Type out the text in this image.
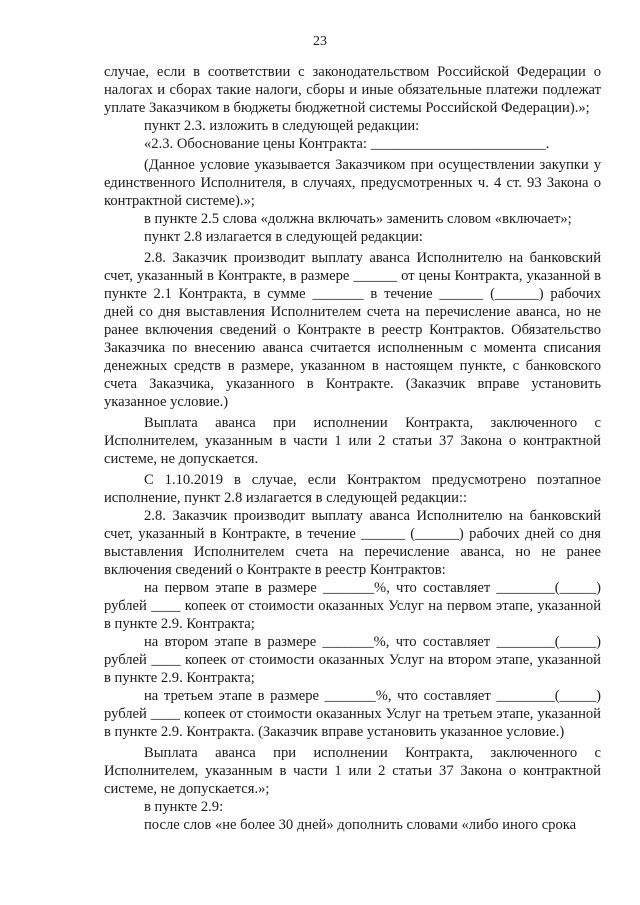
23

случае, если в соответствии с законодательством Российской Федерации о налогах и сборах такие налоги, сборы и иные обязательные платежи подлежат уплате Заказчиком в бюджеты бюджетной системы Российской Федерации).»;

пункт 2.3. изложить в следующей редакции:

«2.3. Обоснование цены Контракта: ________________________.

(Данное условие указывается Заказчиком при осуществлении закупки у единственного Исполнителя, в случаях, предусмотренных ч. 4 ст. 93 Закона о контрактной системе).»;

в пункте 2.5 слова «должна включать» заменить словом «включает»;

пункт 2.8 излагается в следующей редакции:

2.8. Заказчик производит выплату аванса Исполнителю на банковский счет, указанный в Контракте, в размере ______ от цены Контракта, указанной в пункте 2.1 Контракта, в сумме _______ в течение ______ (______) рабочих дней со дня выставления Исполнителем счета на перечисление аванса, но не ранее включения сведений о Контракте в реестр Контрактов. Обязательство Заказчика по внесению аванса считается исполненным с момента списания денежных средств в размере, указанном в настоящем пункте, с банковского счета Заказчика, указанного в Контракте. (Заказчик вправе установить указанное условие.)

Выплата аванса при исполнении Контракта, заключенного с Исполнителем, указанным в части 1 или 2 статьи 37 Закона о контрактной системе, не допускается.

С 1.10.2019 в случае, если Контрактом предусмотрено поэтапное исполнение, пункт 2.8 излагается в следующей редакции::

2.8. Заказчик производит выплату аванса Исполнителю на банковский счет, указанный в Контракте, в течение ______ (______) рабочих дней со дня выставления Исполнителем счета на перечисление аванса, но не ранее включения сведений о Контракте в реестр Контрактов:

на первом этапе в размере _______%, что составляет ________(_____) рублей ____ копеек от стоимости оказанных Услуг на первом этапе, указанной в пункте 2.9. Контракта;

на втором этапе в размере _______%, что составляет ________(_____) рублей ____ копеек от стоимости оказанных Услуг на втором этапе, указанной в пункте 2.9. Контракта;

на третьем этапе в размере _______%, что составляет ________(_____) рублей ____ копеек от стоимости оказанных Услуг на третьем этапе, указанной в пункте 2.9. Контракта. (Заказчик вправе установить указанное условие.)

Выплата аванса при исполнении Контракта, заключенного с Исполнителем, указанным в части 1 или 2 статьи 37 Закона о контрактной системе, не допускается.»;

в пункте 2.9:

после слов «не более 30 дней» дополнить словами «либо иного срока
